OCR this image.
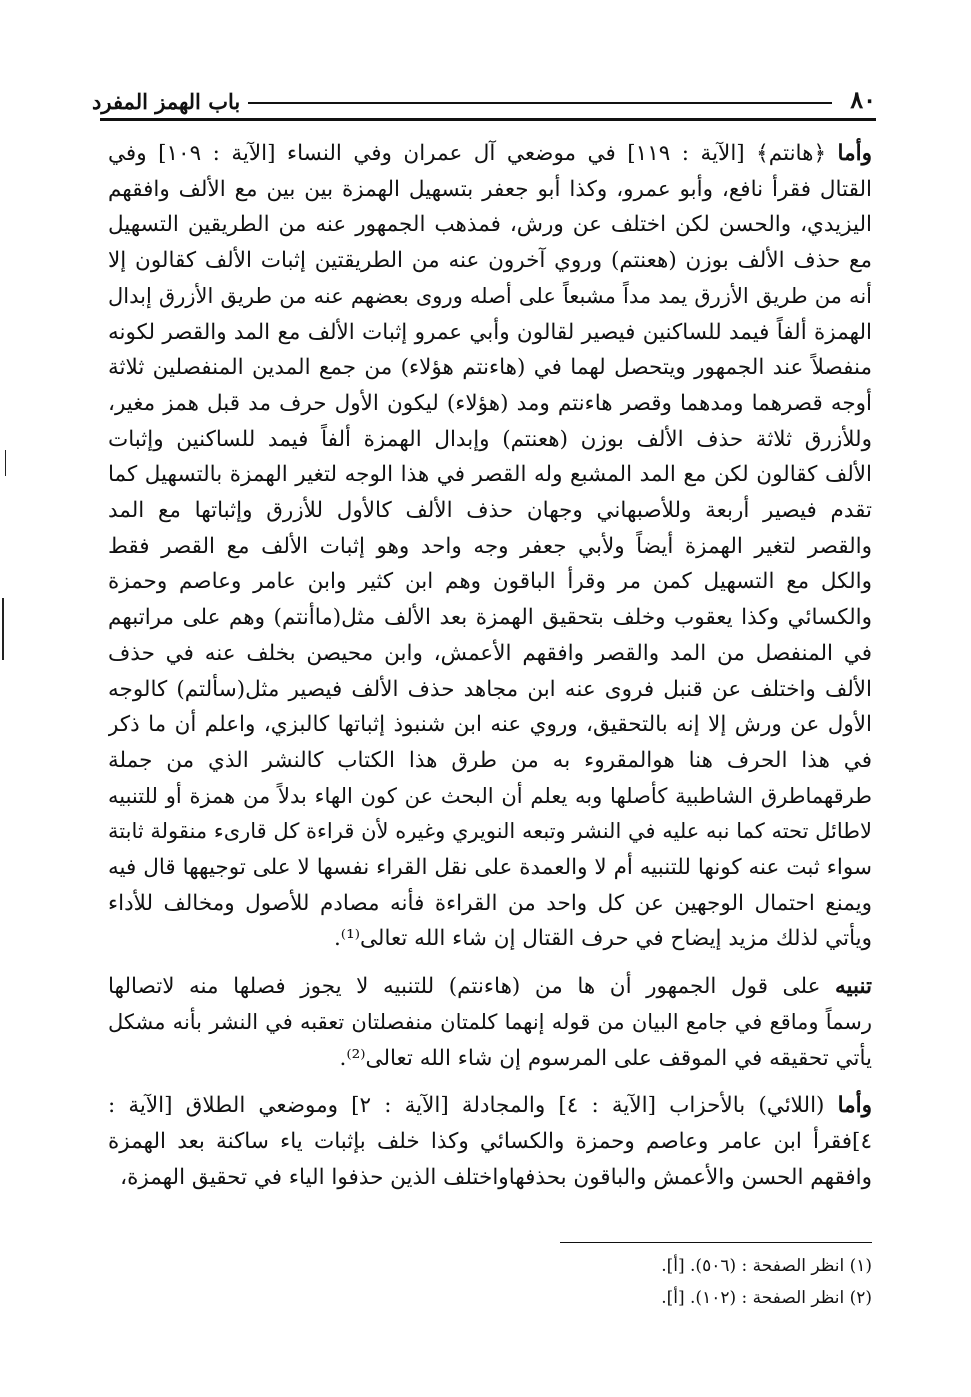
٨٠
باب الهمز المفرد

وأما ﴿هانتم﴾ [الآية : ١١٩] في موضعي آل عمران وفي النساء [الآية : ١٠٩] وفي
القتال فقرأ نافع، وأبو عمرو، وكذا أبو جعفر بتسهيل الهمزة بين بين مع الألف وافقهم
اليزيدي، والحسن لكن اختلف عن ورش، فمذهب الجمهور عنه من الطريقين التسهيل
مع حذف الألف بوزن (هعنتم) وروي آخرون عنه من الطريقتين إثبات الألف كقالون إلا
أنه من طريق الأزرق يمد مداً مشبعاً على أصله وروى بعضهم عنه من طريق الأزرق إبدال
الهمزة ألفاً فيمد للساكنين فيصير لقالون وأبي عمرو إثبات الألف مع المد والقصر لكونه
منفصلاً عند الجمهور ويتحصل لهما في (هاءنتم هؤلاء) من جمع المدين المنفصلين ثلاثة
أوجه قصرهما ومدهما وقصر هاءنتم ومد (هؤلاء) ليكون الأول حرف مد قبل همز مغير،
وللأزرق ثلاثة حذف الألف بوزن (هعنتم) وإبدال الهمزة ألفاً فيمد للساكنين وإثبات
الألف كقالون لكن مع المد المشبع وله القصر في هذا الوجه لتغير الهمزة بالتسهيل كما
تقدم فيصير أربعة وللأصبهاني وجهان حذف الألف كالأول للأزرق وإثباتها مع المد
والقصر لتغير الهمزة أيضاً ولأبي جعفر وجه واحد وهو إثبات الألف مع القصر فقط
والكل مع التسهيل كمن مر وقرأ الباقون وهم ابن كثير وابن عامر وعاصم وحمزة
والكسائي وكذا يعقوب وخلف بتحقيق الهمزة بعد الألف مثل(ماأنتم) وهم على مراتبهم
في المنفصل من المد والقصر وافقهم الأعمش، وابن محيصن بخلف عنه في حذف
الألف واختلف عن قنبل فروى عنه ابن مجاهد حذف الألف فيصير مثل(سألتم) كالوجه
الأول عن ورش إلا إنه بالتحقيق، وروي عنه ابن شنبوذ إثباتها كالبزي، واعلم أن ما ذكر
في هذا الحرف هنا هوالمقروء به من طرق هذا الكتاب كالنشر الذي من جملة
طرقهماطرق الشاطبية كأصلها وبه يعلم أن البحث عن كون الهاء بدلاً من همزة أو للتنبيه
لاطائل تحته كما نبه عليه في النشر وتبعه النويري وغيره لأن قراءة كل قارىء منقولة ثابتة
سواء ثبت عنه كونها للتنبيه أم لا والعمدة على نقل القراء نفسها لا على توجيهها قال فيه
ويمنع احتمال الوجهين عن كل واحد من القراءة فأنه مصادم للأصول ومخالف للأداء
ويأتي لذلك مزيد إيضاح في حرف القتال إن شاء الله تعالى⁽¹⁾.

تنبيه على قول الجمهور أن ها من (هاءنتم) للتنبيه لا يجوز فصلها منه لاتصالها
رسماً وماقع في جامع البيان من قوله إنهما كلمتان منفصلتان تعقبه في النشر بأنه مشكل
يأتي تحقيقه في الموقف على المرسوم إن شاء الله تعالى⁽²⁾.

وأما (اللائي) بالأحزاب [الآية : ٤] والمجادلة [الآية : ٢] وموضعي الطلاق [الآية :
٤]فقرأ ابن عامر وعاصم وحمزة والكسائي وكذا خلف بإثبات ياء ساكنة بعد الهمزة
وافقهم الحسن والأعمش والباقون بحذفهاواختلف الذين حذفوا الياء في تحقيق الهمزة،

(١) انظر الصفحة : (٥٠٦). [أ].
(٢) انظر الصفحة : (١٠٢). [أ].
